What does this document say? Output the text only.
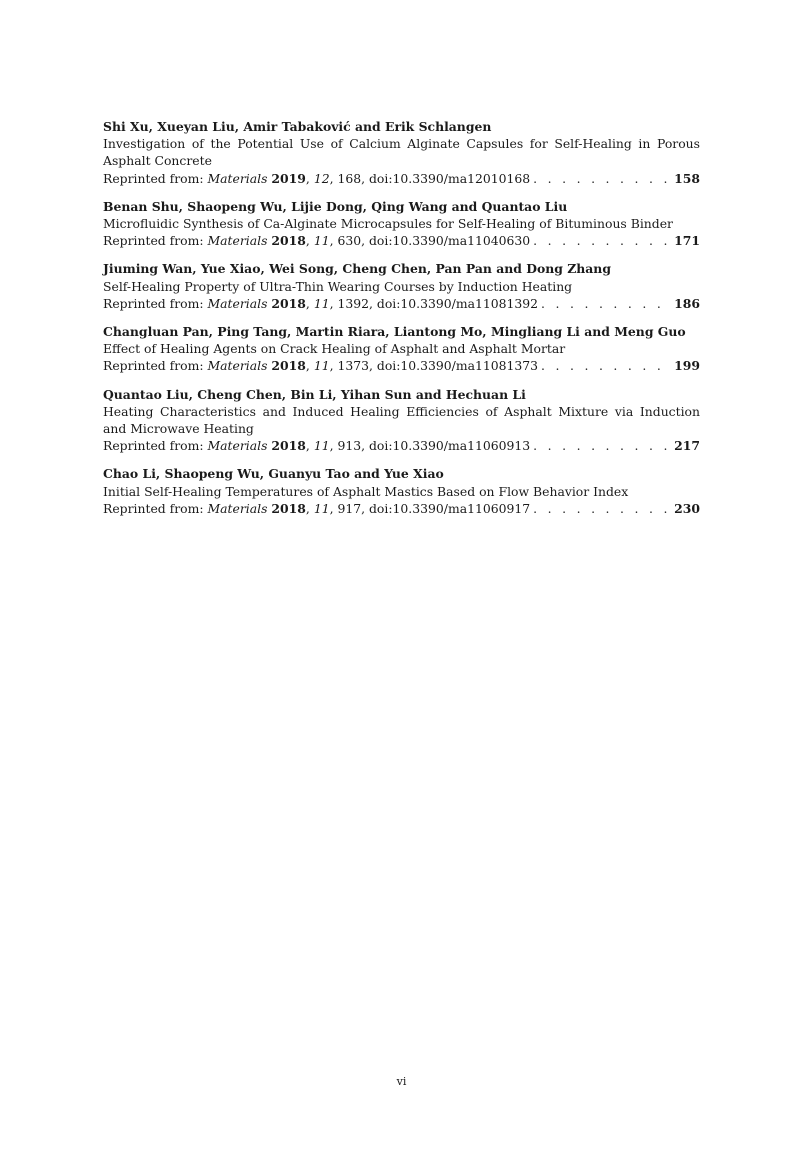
Shi Xu, Xueyan Liu, Amir Tabaković and Erik Schlangen
Investigation of the Potential Use of Calcium Alginate Capsules for Self-Healing in Porous Asphalt Concrete
Reprinted from: Materials 2019, 12, 168, doi:10.3390/ma12010168 . . .	158
Benan Shu, Shaopeng Wu, Lijie Dong, Qing Wang and Quantao Liu
Microfluidic Synthesis of Ca-Alginate Microcapsules for Self-Healing of Bituminous Binder
Reprinted from: Materials 2018, 11, 630, doi:10.3390/ma11040630 . . .	171
Jiuming Wan, Yue Xiao, Wei Song, Cheng Chen, Pan Pan and Dong Zhang
Self-Healing Property of Ultra-Thin Wearing Courses by Induction Heating
Reprinted from: Materials 2018, 11, 1392, doi:10.3390/ma11081392 . . .	186
Changluan Pan, Ping Tang, Martin Riara, Liantong Mo, Mingliang Li and Meng Guo
Effect of Healing Agents on Crack Healing of Asphalt and Asphalt Mortar
Reprinted from: Materials 2018, 11, 1373, doi:10.3390/ma11081373 . . .	199
Quantao Liu, Cheng Chen, Bin Li, Yihan Sun and Hechuan Li
Heating Characteristics and Induced Healing Efficiencies of Asphalt Mixture via Induction and Microwave Heating
Reprinted from: Materials 2018, 11, 913, doi:10.3390/ma11060913 . . .	217
Chao Li, Shaopeng Wu, Guanyu Tao and Yue Xiao
Initial Self-Healing Temperatures of Asphalt Mastics Based on Flow Behavior Index
Reprinted from: Materials 2018, 11, 917, doi:10.3390/ma11060917 . . .	230
vi
